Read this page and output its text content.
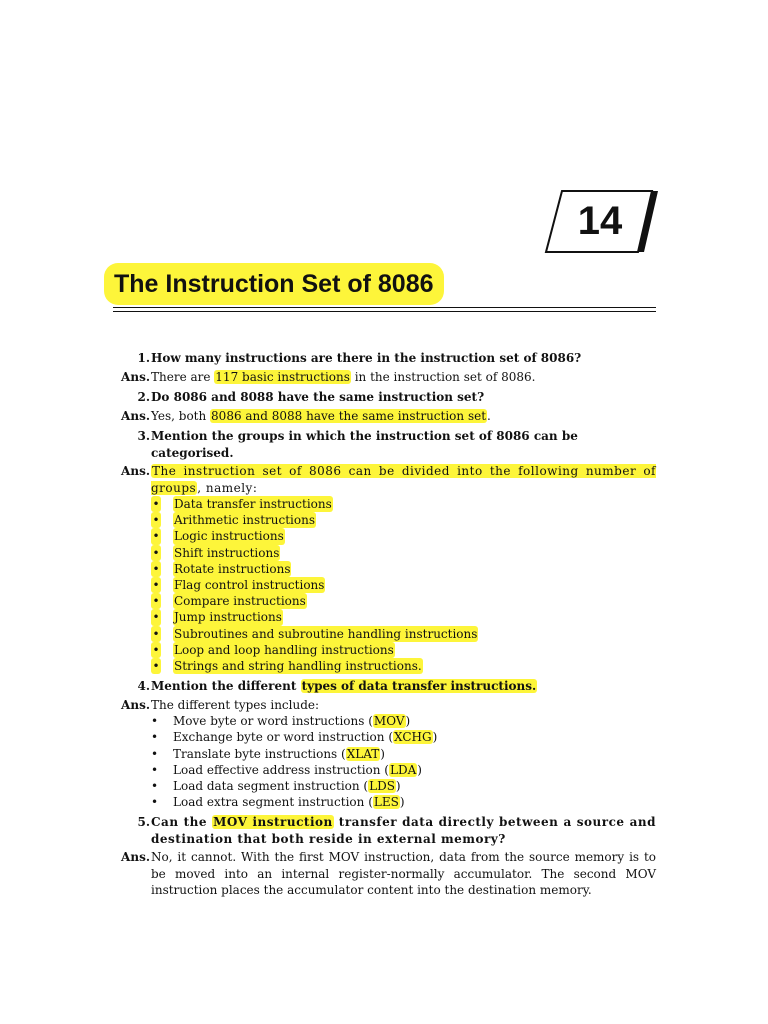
14
The Instruction Set of 8086
1. How many instructions are there in the instruction set of 8086?
Ans. There are 117 basic instructions in the instruction set of 8086.
2. Do 8086 and 8088 have the same instruction set?
Ans. Yes, both 8086 and 8088 have the same instruction set.
3. Mention the groups in which the instruction set of 8086 can be categorised.
Ans. The instruction set of 8086 can be divided into the following number of groups, namely:
• Data transfer instructions
• Arithmetic instructions
• Logic instructions
• Shift instructions
• Rotate instructions
• Flag control instructions
• Compare instructions
• Jump instructions
• Subroutines and subroutine handling instructions
• Loop and loop handling instructions
• Strings and string handling instructions.
4. Mention the different types of data transfer instructions.
Ans. The different types include:
•	Move byte or word instructions (MOV)
•	Exchange byte or word instruction (XCHG)
•	Translate byte instructions (XLAT)
•	Load effective address instruction (LDA)
•	Load data segment instruction (LDS)
•	Load extra segment instruction (LES)
5. Can the MOV instruction transfer data directly between a source and destination that both reside in external memory?
Ans. No, it cannot. With the first MOV instruction, data from the source memory is to be moved into an internal register-normally accumulator. The second MOV instruction places the accumulator content into the destination memory.
